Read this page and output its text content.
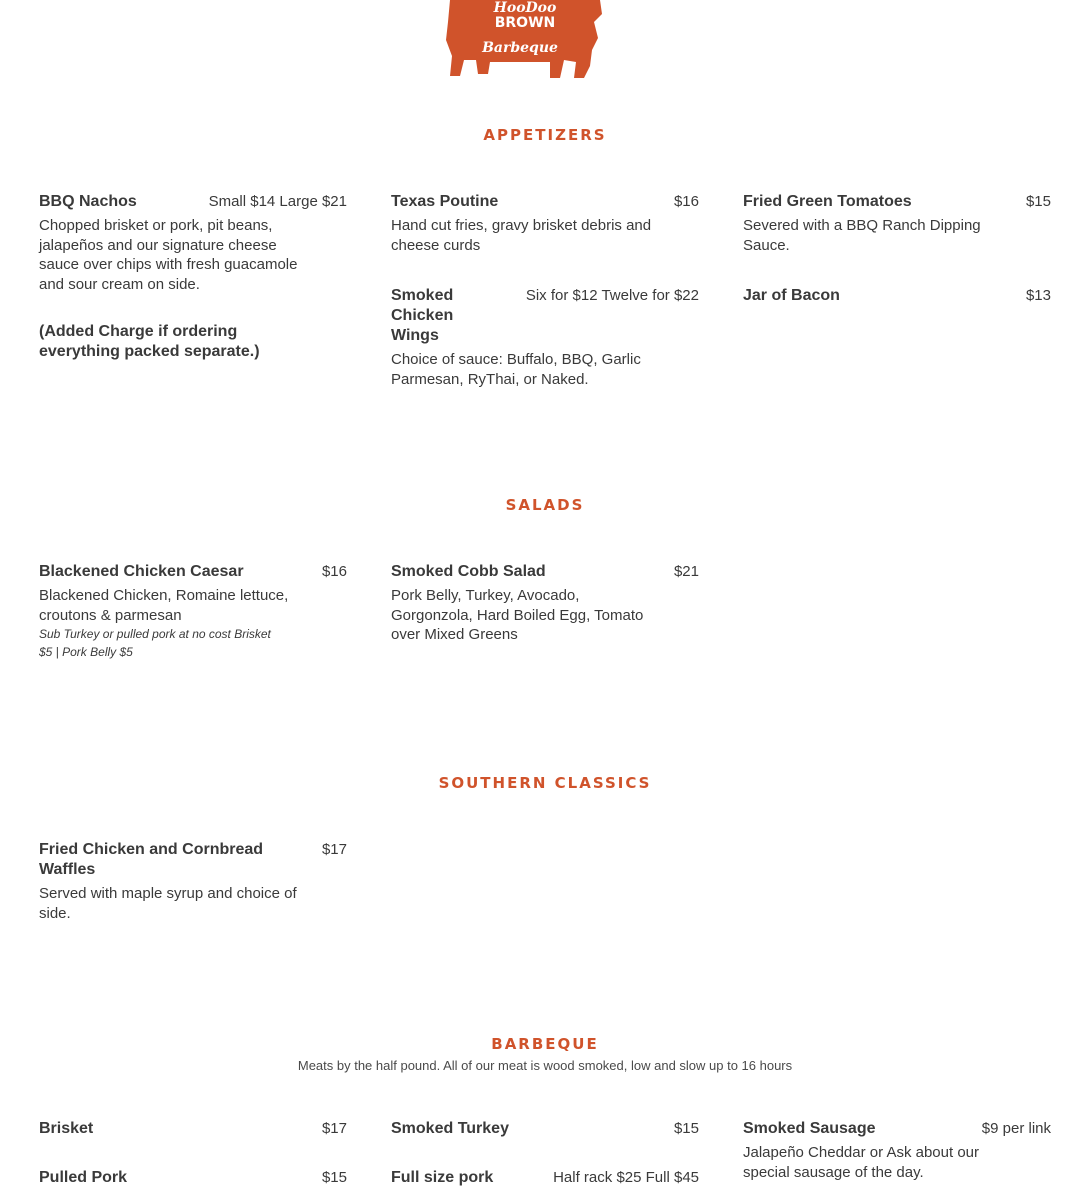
HooDoo
BROWN
Barbeque
APPETIZERS
BBQ Nachos	Small $14 Large $21
Chopped brisket or pork, pit beans, jalapeños and our signature cheese sauce over chips with fresh guacamole and sour cream on side.
(Added Charge if ordering everything packed separate.)
Texas Poutine	$16
Hand cut fries, gravy brisket debris and cheese curds
Smoked Chicken Wings
Six for $12 Twelve for $22
Choice of sauce: Buffalo, BBQ, Garlic Parmesan, RyThai, or Naked.
Fried Green Tomatoes	$15
Severed with a BBQ Ranch Dipping Sauce.
Jar of Bacon	$13
SALADS
Blackened Chicken Caesar	$16
Blackened Chicken, Romaine lettuce, croutons & parmesan
Sub Turkey or pulled pork at no cost Brisket $5 | Pork Belly $5
Smoked Cobb Salad	$21
Pork Belly, Turkey, Avocado, Gorgonzola, Hard Boiled Egg, Tomato over Mixed Greens
SOUTHERN CLASSICS
Fried Chicken and Cornbread Waffles
$17
Served with maple syrup and choice of side.
BARBEQUE
Meats by the half pound. All of our meat is wood smoked, low and slow up to 16 hours
Brisket	$17	Smoked Turkey	$15	Smoked Sausage	$9 per link
Jalapeño Cheddar or Ask about our special sausage of the day.
Pulled Pork	$15	Full size pork	Half rack $25 Full $45
